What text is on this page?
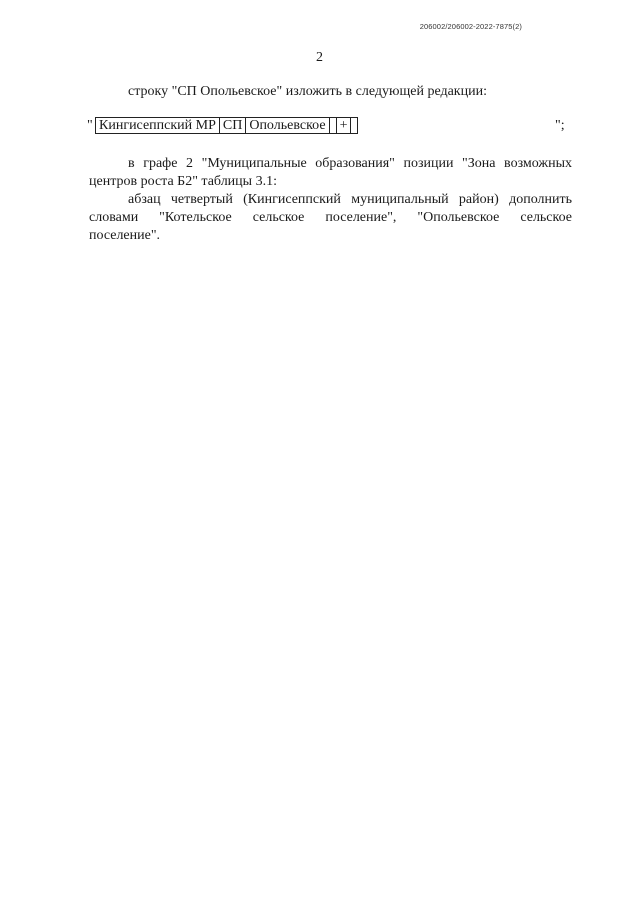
206002/206002-2022-7875(2)
2
строку "СП Опольевское" изложить в следующей редакции:
" Кингисеппский МР	СП	Опольевское		+		";
в графе 2 "Муниципальные образования" позиции "Зона возможных
центров роста Б2" таблицы 3.1:
абзац четвертый (Кингисеппский муниципальный район) дополнить
словами "Котельское сельское поселение", "Опольевское сельское
поселение".
